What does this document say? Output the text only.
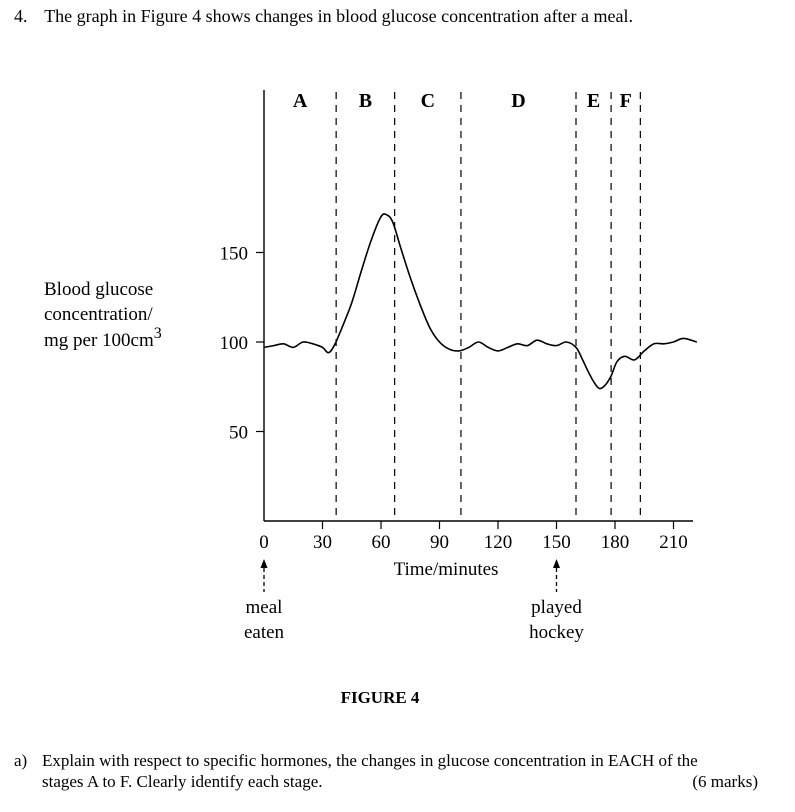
4. The graph in Figure 4 shows changes in blood glucose concentration after a meal.
A	B C	D	E F
0 30 60 90 120 150 180 210
50
100
150
Blood glucose
concentration/
mg per $100cm^3$
Time/minutes
meal
eaten
played
hockey
FIGURE 4
a) Explain with respect to specific hormones, the changes in glucose concentration in EACH of the
stages A to F. Clearly identify each stage.	(6 marks)
